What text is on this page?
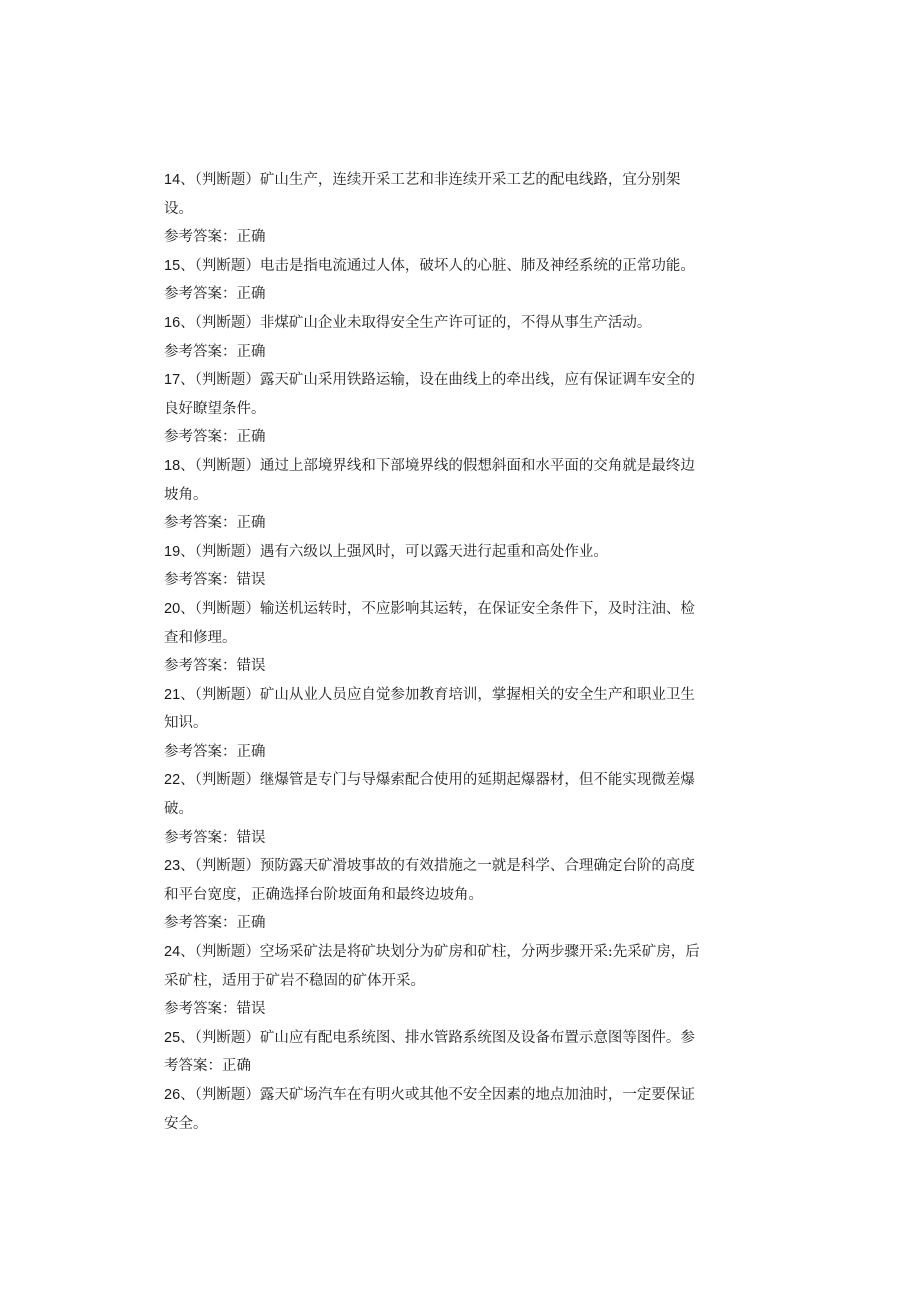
14、（判断题）矿山生产，连续开采工艺和非连续开采工艺的配电线路，宜分别架
设。
参考答案：正确
15、（判断题）电击是指电流通过人体，破坏人的心脏、肺及神经系统的正常功能。
参考答案：正确
16、（判断题）非煤矿山企业未取得安全生产许可证的，不得从事生产活动。
参考答案：正确
17、（判断题）露天矿山采用铁路运输，设在曲线上的牵出线，应有保证调车安全的
良好瞭望条件。
参考答案：正确
18、（判断题）通过上部境界线和下部境界线的假想斜面和水平面的交角就是最终边
坡角。
参考答案：正确
19、（判断题）遇有六级以上强风时，可以露天进行起重和高处作业。
参考答案：错误
20、（判断题）输送机运转时，不应影响其运转，在保证安全条件下，及时注油、检
查和修理。
参考答案：错误
21、（判断题）矿山从业人员应自觉参加教育培训，掌握相关的安全生产和职业卫生
知识。
参考答案：正确
22、（判断题）继爆管是专门与导爆索配合使用的延期起爆器材，但不能实现微差爆
破。
参考答案：错误
23、（判断题）预防露天矿滑坡事故的有效措施之一就是科学、合理确定台阶的高度
和平台宽度，正确选择台阶坡面角和最终边坡角。
参考答案：正确
24、（判断题）空场采矿法是将矿块划分为矿房和矿柱，分两步骤开采:先采矿房，后
采矿柱，适用于矿岩不稳固的矿体开采。
参考答案：错误
25、（判断题）矿山应有配电系统图、排水管路系统图及设备布置示意图等图件。参
考答案：正确
26、（判断题）露天矿场汽车在有明火或其他不安全因素的地点加油时，一定要保证
安全。
